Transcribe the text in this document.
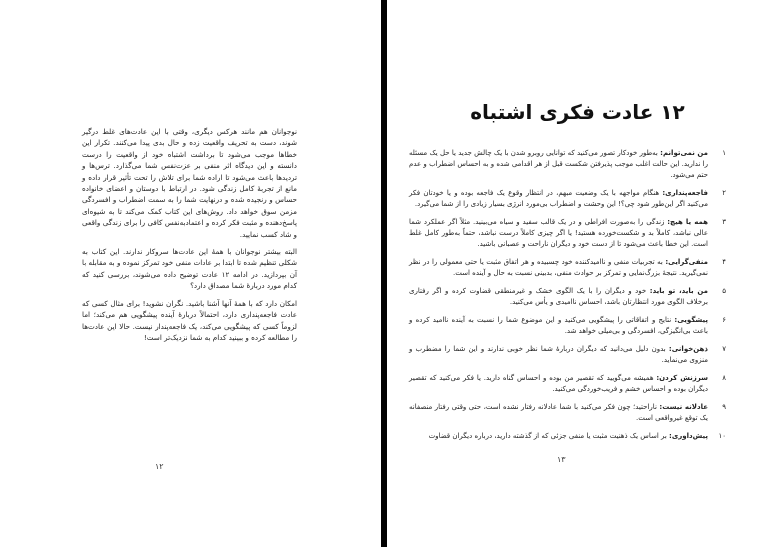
نوجوانان هم مانند هرکس دیگری، وقتی با این عادت‌های غلط درگیر شوند، دست به تحریف واقعیت زده و حال بدی پیدا می‌کنند. تکرار این خطاها موجب می‌شود تا برداشت اشتباه خود از واقعیت را درست دانسته و این دیدگاه اثر منفی بر عزت‌نفس شما می‌گذارد. ترس‌ها و تردیدها باعث می‌شود تا اراده شما برای تلاش را تحت تأثیر قرار داده و مانع از تجربهٔ کامل زندگی شود. در ارتباط با دوستان و اعضای خانواده حساس و رنجیده شده و درنهایت شما را به سمت اضطراب و افسردگی مزمن سوق خواهد داد. روش‌های این کتاب کمک می‌کند تا به شیوه‌ای پاسخ‌دهنده و مثبت فکر کرده و اعتمادبه‌نفس کافی را برای زندگی واقعی و شاد کسب نمایید.

البته بیشتر نوجوانان با همهٔ این عادت‌ها سروکار ندارند. این کتاب به شکلی تنظیم شده تا ابتدا بر عادات منفی خود تمرکز نموده و به مقابله با آن بپردازید. در ادامه ۱۲ عادت توضیح داده می‌شوند، بررسی کنید که کدام مورد دربارهٔ شما مصداق دارد؟

امکان دارد که با همهٔ آنها آشنا باشید. نگران نشوید! برای مثال کسی که عادت فاجعه‌پنداری دارد، احتمالاً دربارهٔ آینده پیشگویی هم می‌کند؛ اما لزوماً کسی که پیشگویی می‌کند، یک فاجعه‌پندار نیست. حالا این عادت‌ها را مطالعه کرده و ببینید کدام به شما نزدیک‌تر است!

۱۲
۱۲ عادت فکری اشتباه
۱
من نمی‌توانم: به‌طور خودکار تصور می‌کنید که توانایی روبرو شدن با یک چالش جدید یا حل یک مسئله را ندارید. این حالت اغلب موجب پذیرفتن شکست قبل از هر اقدامی شده و به احساس اضطراب و عدم حتم می‌شود.
۲
فاجعه‌پنداری: هنگام مواجهه با یک وضعیت مبهم، در انتظار وقوع یک فاجعه بوده و یا خودتان فکر می‌کنید اگر این‌طور شود چی؟! این وحشت و اضطراب بی‌مورد انرژی بسیار زیادی را از شما می‌گیرد.
۳
همه یا هیچ: زندگی را به‌صورت افراطی و در یک قالب سفید و سیاه می‌بینید. مثلاً اگر عملکرد شما عالی نباشد، کاملاً بد و شکست‌خورده هستید! یا اگر چیزی کاملاً درست نباشد، حتماً به‌طور کامل غلط است. این خطا باعث می‌شود تا از دست خود و دیگران ناراحت و عصبانی باشید.
۴
منفی‌گرایی: به تجربیات منفی و ناامیدکننده خود چسبیده و هر اتفاق مثبت یا حتی معمولی را در نظر نمی‌گیرید. نتیجهٔ بزرگ‌نمایی و تمرکز بر حوادث منفی، بدبینی نسبت به حال و آینده است.
۵
من باید، تو باید: خود و دیگران را با یک الگوی خشک و غیرمنطقی قضاوت کرده و اگر رفتاری برخلاف الگوی مورد انتظارتان باشد، احساس ناامیدی و یأس می‌کنید.
۶
پیشگویی: نتایج و اتفاقاتی را پیشگویی می‌کنید و این موضوع شما را نسبت به آینده ناامید کرده و باعث بی‌انگیزگی، افسردگی و بی‌میلی خواهد شد.
۷
ذهن‌خوانی: بدون دلیل می‌دانید که دیگران دربارهٔ شما نظر خوبی ندارند و این شما را مضطرب و منزوی می‌نماید.
۸
سرزنش کردن: همیشه می‌گویید که تقصیر من بوده و احساس گناه دارید. یا فکر می‌کنید که تقصیر دیگران بوده و احساس خشم و فریب‌خوردگی می‌کنید.
۹
عادلانه نیست: ناراحتید؛ چون فکر می‌کنید با شما عادلانه رفتار نشده است، حتی وقتی رفتار منصفانه یک توقع غیرواقعی است.
۱۰
پیش‌داوری: بر اساس یک ذهنیت مثبت یا منفی جزئی که از گذشته دارید، درباره دیگران قضاوت
۱۳
